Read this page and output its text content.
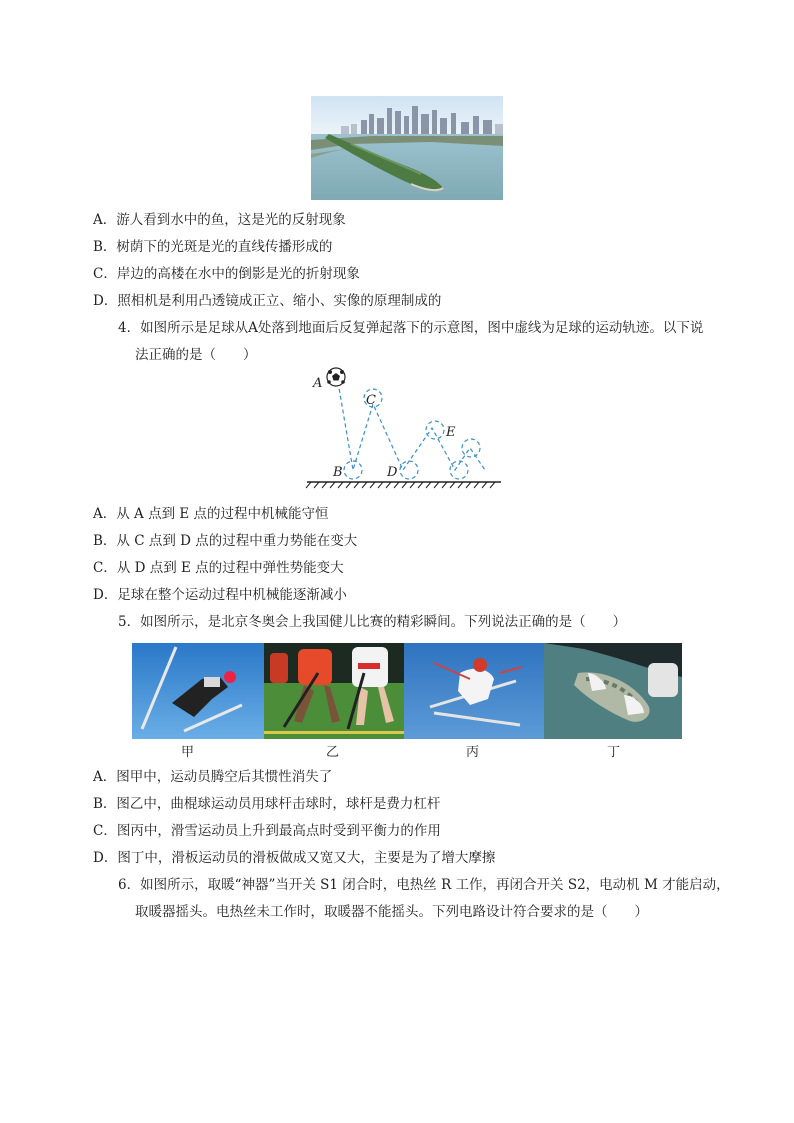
A．游人看到水中的鱼，这是光的反射现象
B．树荫下的光斑是光的直线传播形成的
C．岸边的高楼在水中的倒影是光的折射现象
D．照相机是利用凸透镜成正立、缩小、实像的原理制成的
4．如图所示是足球从A处落到地面后反复弹起落下的示意图，图中虚线为足球的运动轨迹。以下说
法正确的是（　　）
A
B
C
D
E
A．从 A 点到 E 点的过程中机械能守恒
B．从 C 点到 D 点的过程中重力势能在变大
C．从 D 点到 E 点的过程中弹性势能变大
D．足球在整个运动过程中机械能逐渐减小
5．如图所示，是北京冬奥会上我国健儿比赛的精彩瞬间。下列说法正确的是（　　）
甲	乙	丙	丁
A．图甲中，运动员腾空后其惯性消失了
B．图乙中，曲棍球运动员用球杆击球时，球杆是费力杠杆
C．图丙中，滑雪运动员上升到最高点时受到平衡力的作用
D．图丁中，滑板运动员的滑板做成又宽又大，主要是为了增大摩擦
6．如图所示，取暖“神器”当开关 S1 闭合时，电热丝 R 工作，再闭合开关 S2，电动机 M 才能启动，
取暖器摇头。电热丝未工作时，取暖器不能摇头。下列电路设计符合要求的是（　　）
